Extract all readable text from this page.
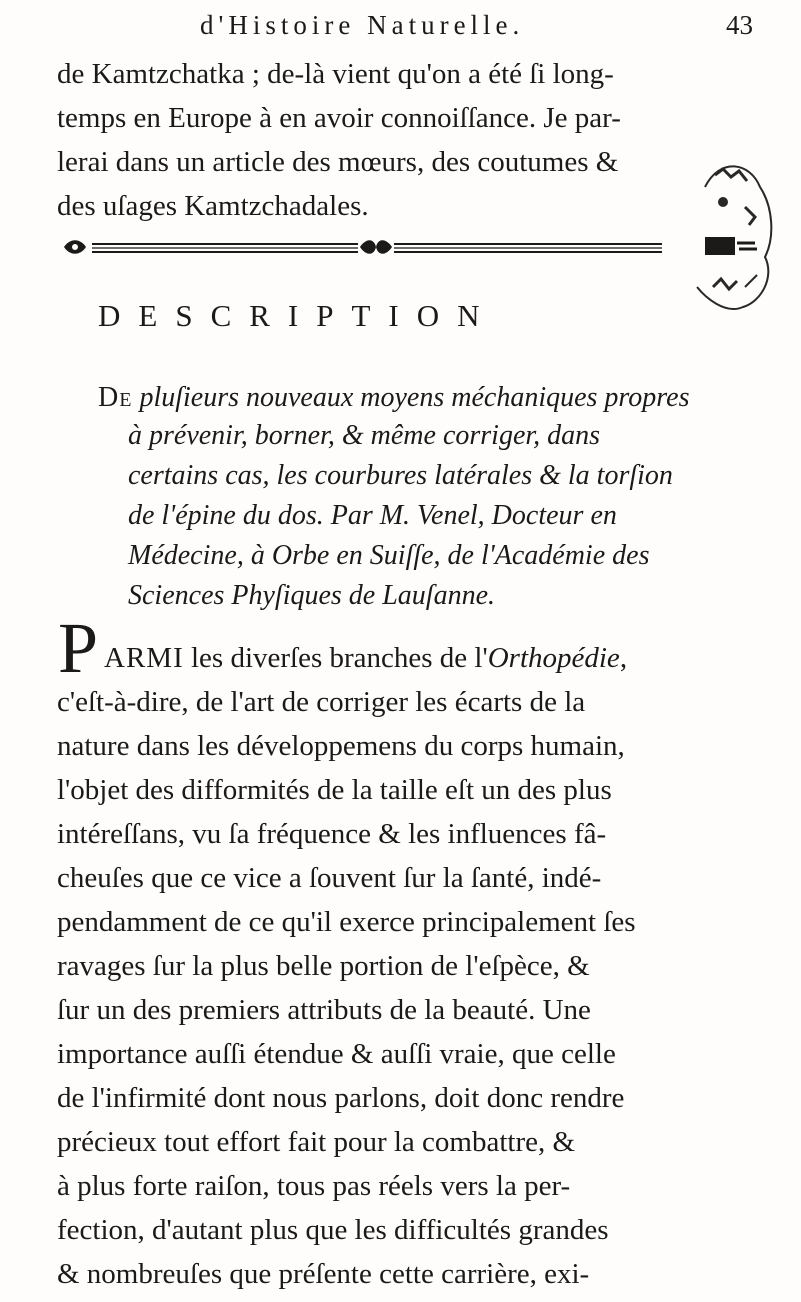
d'Histoire Naturelle.	43
de Kamtzchatka ; de-là vient qu'on a été ſi long-
temps en Europe à en avoir connoiſſance. Je par-
lerai dans un article des mœurs, des coutumes &
des uſages Kamtzchadales.
DESCRIPTION
De pluſieurs nouveaux moyens méchaniques propres
à prévenir, borner, & même corriger, dans
certains cas, les courbures latérales & la torſion
de l'épine du dos. Par M. Venel, Docteur en
Médecine, à Orbe en Suiſſe, de l'Académie des
Sciences Phyſiques de Lauſanne.
P ARMI les diverſes branches de l'Orthopédie,
c'eſt-à-dire, de l'art de corriger les écarts de la
nature dans les développemens du corps humain,
l'objet des difformités de la taille eſt un des plus
intéreſſans, vu ſa fréquence & les influences fâ-
cheuſes que ce vice a ſouvent ſur la ſanté, indé-
pendamment de ce qu'il exerce principalement ſes
ravages ſur la plus belle portion de l'eſpèce, &
ſur un des premiers attributs de la beauté. Une
importance auſſi étendue & auſſi vraie, que celle
de l'infirmité dont nous parlons, doit donc rendre
précieux tout effort fait pour la combattre, &
à plus forte raiſon, tous pas réels vers la per-
fection, d'autant plus que les difficultés grandes
& nombreuſes que préſente cette carrière, exi-
